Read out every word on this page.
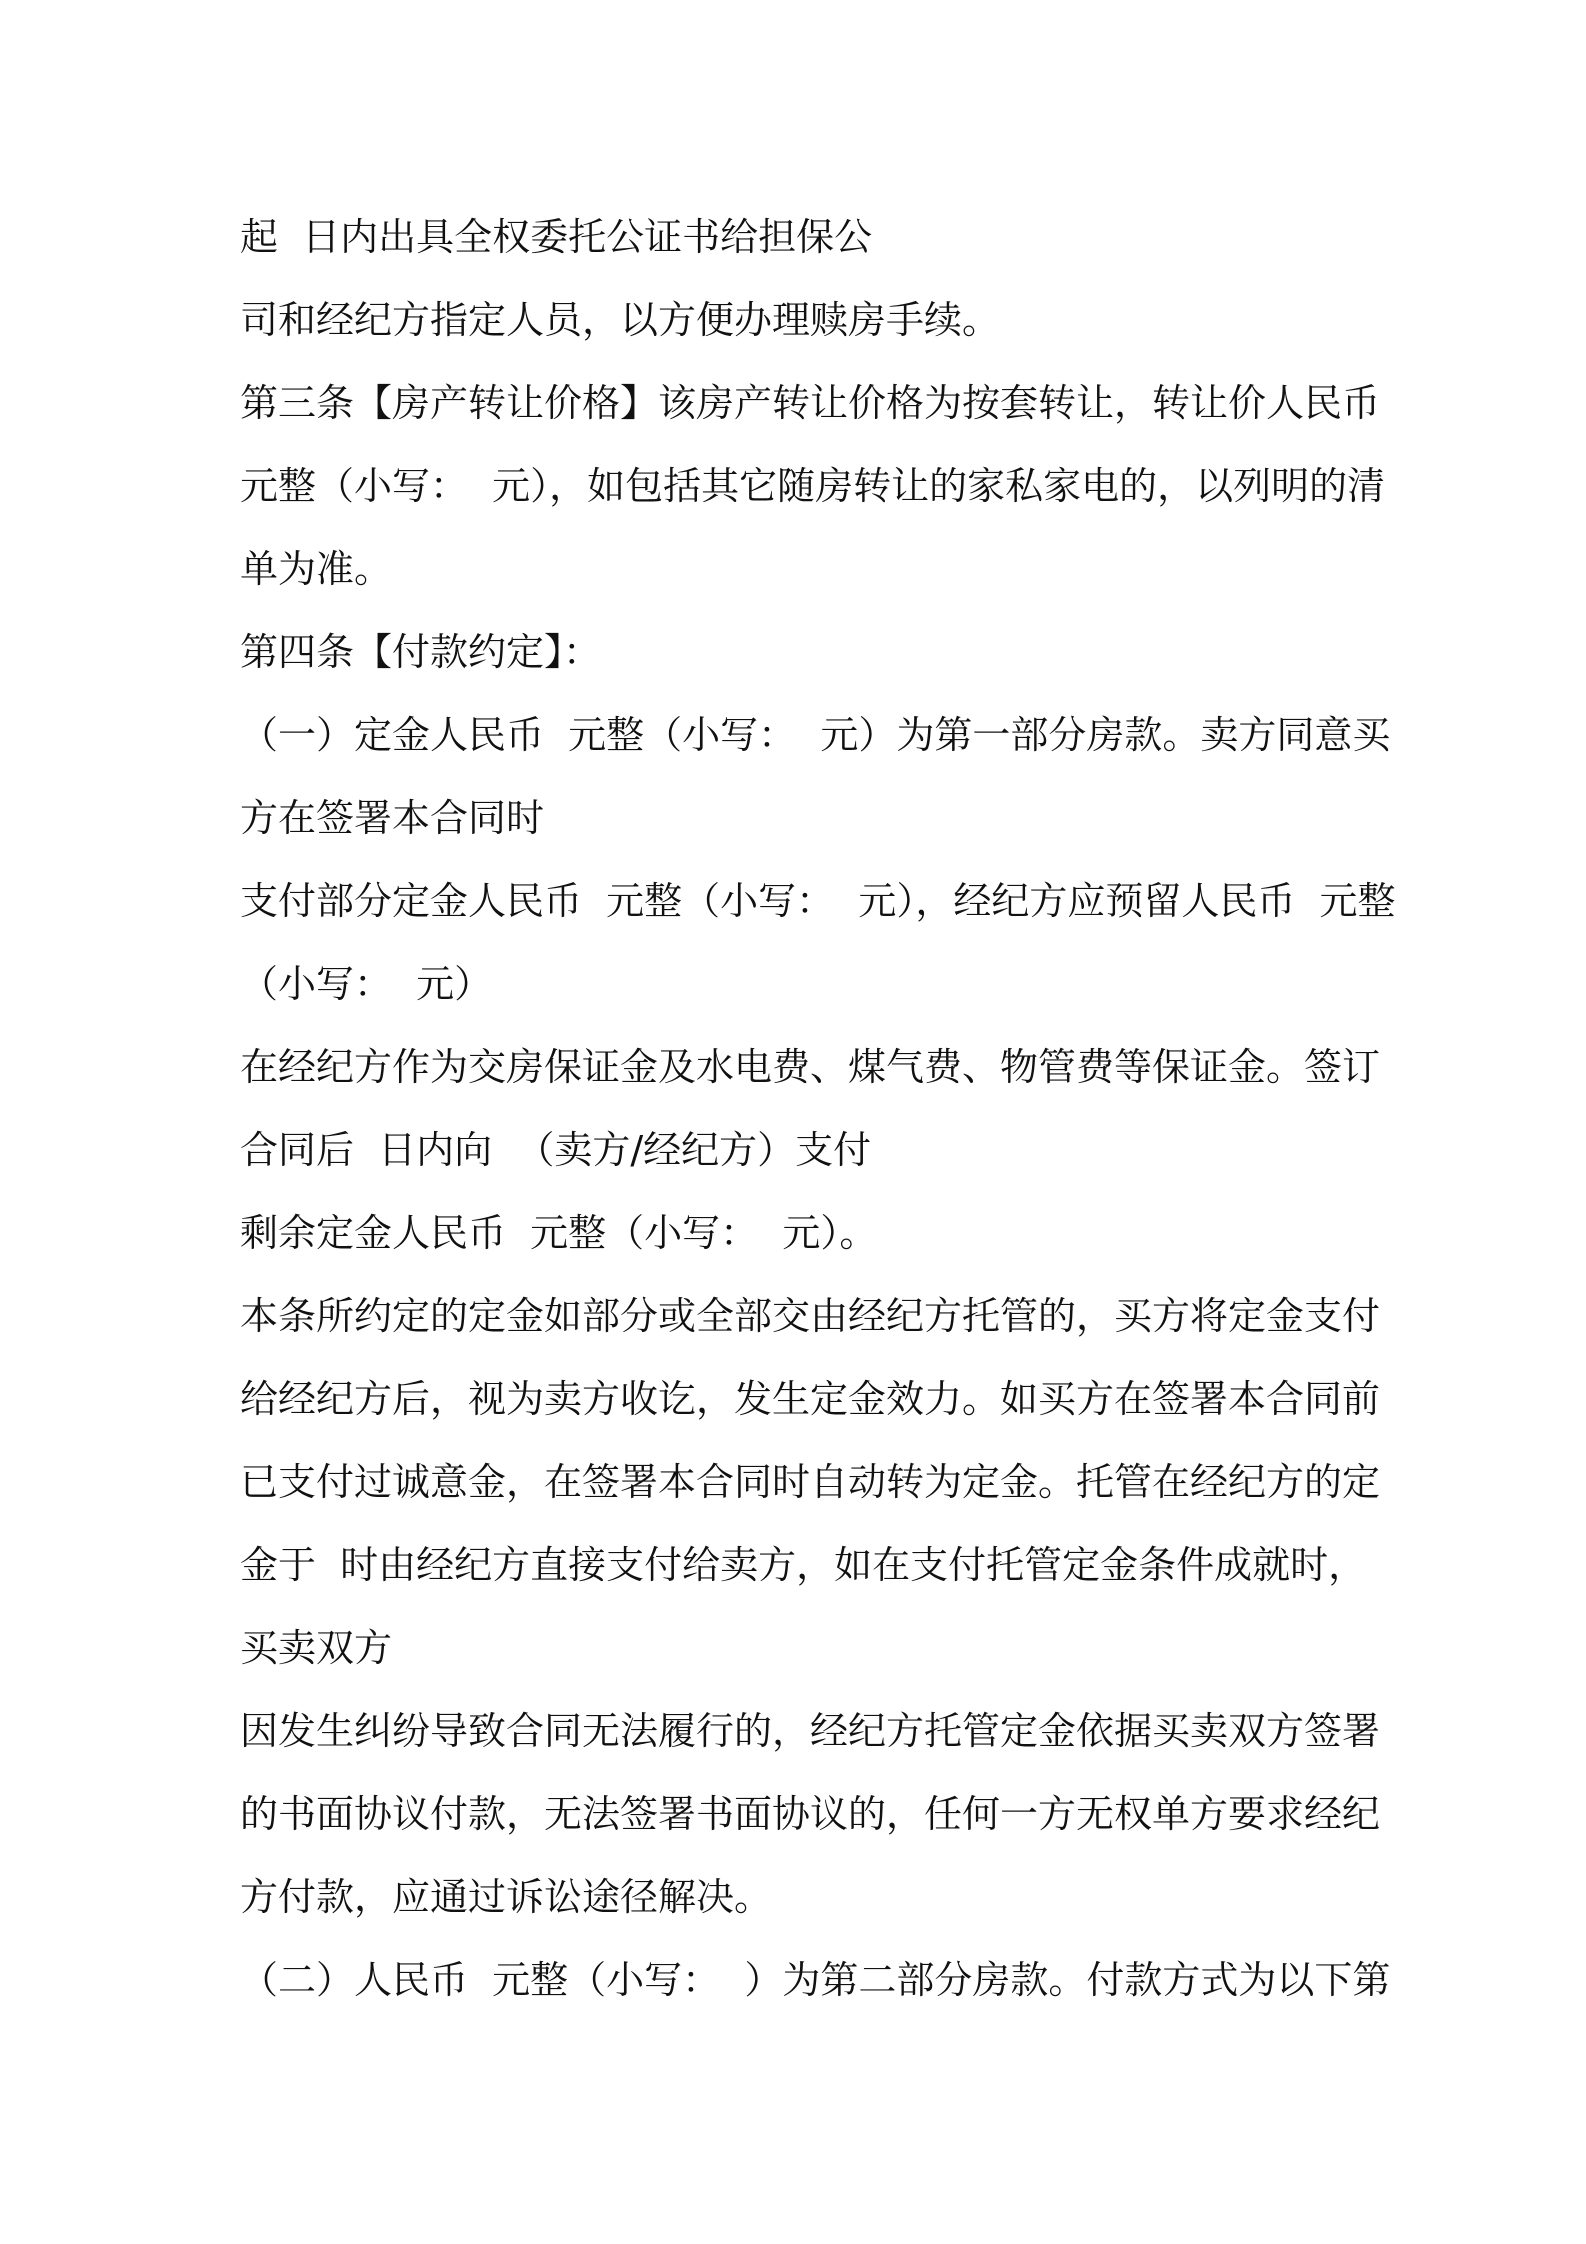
起  日内出具全权委托公证书给担保公
司和经纪方指定人员，以方便办理赎房手续。
第三条【房产转让价格】该房产转让价格为按套转让，转让价人民币
元整（小写：  元），如包括其它随房转让的家私家电的，以列明的清
单为准。
第四条【付款约定】：
（一）定金人民币  元整（小写：  元）为第一部分房款。卖方同意买
方在签署本合同时
支付部分定金人民币  元整（小写：  元），经纪方应预留人民币  元整
（小写：  元）
在经纪方作为交房保证金及水电费、煤气费、物管费等保证金。签订
合同后  日内向  （卖方/经纪方）支付
剩余定金人民币  元整（小写：  元）。
本条所约定的定金如部分或全部交由经纪方托管的，买方将定金支付
给经纪方后，视为卖方收讫，发生定金效力。如买方在签署本合同前
已支付过诚意金，在签署本合同时自动转为定金。托管在经纪方的定
金于  时由经纪方直接支付给卖方，如在支付托管定金条件成就时，
买卖双方
因发生纠纷导致合同无法履行的，经纪方托管定金依据买卖双方签署
的书面协议付款，无法签署书面协议的，任何一方无权单方要求经纪
方付款，应通过诉讼途径解决。
（二）人民币  元整（小写：  ）为第二部分房款。付款方式为以下第
